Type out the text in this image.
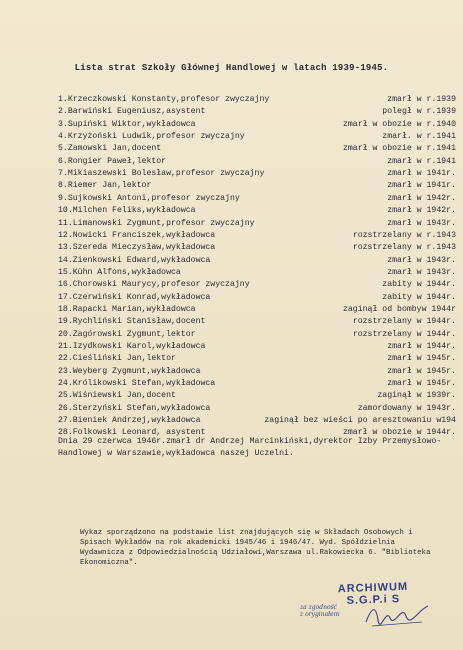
Lista strat Szkoły Głównej Handlowej w latach 1939-1945.
1.Krzeczkowski Konstanty,profesor zwyczajny	zmarł w r.1939
2.Barwiński Eugeniusz,asystent	poległ w r.1939
3.Supiński Wiktor,wykładowca	zmarł w obozie w r.1940
4.Krzyżoński Ludwik,profesor zwyczajny	zmarł. w r.1941
5.Zamowski Jan,docent	zmarł w obozie w r.1941
6.Rongier Paweł,lektor	zmarł w r.1941
7.Mikiaszewski Bolesław,profesor zwyczajny	zmarł w 1941r.
8.Riemer Jan,lektor	zmarł w 1941r.
9.Sujkowski Antoni,profesor zwyczajny	zmarł w 1942r.
10.Milchen Feliks,wykładowca	zmarł w 1942r.
11.Limanowski Zygmunt,profesor zwyczajny	zmarł w 1943r.
12.Nowicki Franciszek,wykładowca	rozstrzelany w r.1943
13.Szereda Mieczysław,wykładowca	rozstrzelany w r.1943
14.Zienkowski Edward,wykładowca	zmarł w 1943r.
15.Kühn Alfons,wykładowca	zmarł w 1943r.
16.Chorowski Maurycy,profesor zwyczajny	zabity w 1944r.
17.Czerwiński Konrad,wykładowca	zabity w 1944r.
18.Rapacki Marian,wykładowca	zaginął od bombyw 1944r
19.Rychliński Stanisław,docent	rozstrzelany w 1944r.
20.Zagórowski Zygmunt,lektor	rozstrzelany w 1944r.
21.Izydkowski Karol,wykładowca	zmarł w 1944r.
22.Cieśliński Jan,lektor	zmarł w 1945r.
23.Weyberg Zygmunt,wykładowca	zmarł w 1945r.
24.Królikowski Stefan,wykładowca	zmarł w 1945r.
25.Wiśniewski Jan,docent	zaginął w 1939r.
26.Sterzyński Stefan,wykładowca	zamordowany w 1943r.
27.Bieniek Andrzej,wykładowca	zaginął bez wieści po aresztowaniu w194
28.Folkowski Leonard, asystent	zmarł w obozie w 1944r.
Dnia 29 czerwca 1946r.zmarł dr Andrzej Marcinkiński,dyrektor Izby Przemysłowo-Handlowej w Warszawie,wykładowca naszej Uczelni.
Wykaz sporządzono na podstawie list znajdujących się w Składach Osobowych i Spisach Wykładów na rok akademicki 1945/46 i 1946/47. Wyd. Spółdzielnia Wydawnicza z Odpowiedzialnością Udziałowi,Warszawa ul.Rakowiecka 6. "Biblioteka Ekonomiczna".
za zgodność
z oryginałem
ARCHIWUM
S.G.P.i S
